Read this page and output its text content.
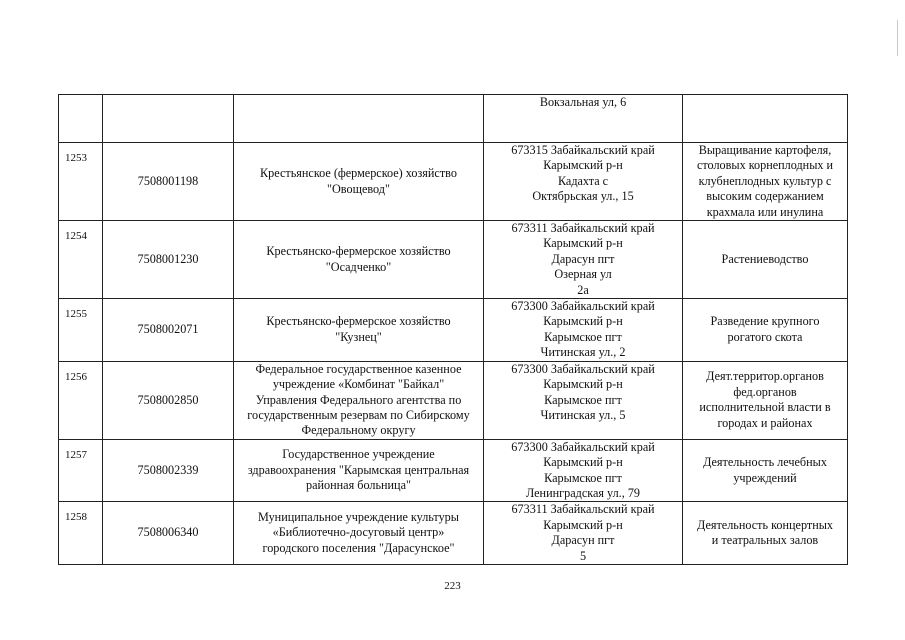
			Вокзальная ул, 6	

1253	7508001198	Крестьянское (фермерское) хозяйство
"Овощевод"	673315 Забайкальский край
Карымский р-н
Кадахта с
Октябрьская ул., 15	Выращивание картофеля,
столовых корнеплодных и
клубнеплодных культур с
высоким содержанием
крахмала или инулина

1254	7508001230	Крестьянско-фермерское хозяйство
"Осадченко"	673311 Забайкальский край
Карымский р-н
Дарасун пгт
Озерная ул
2а	Растениеводство

1255	7508002071	Крестьянско-фермерское хозяйство
"Кузнец"	673300 Забайкальский край
Карымский р-н
Карымское пгт
Читинская ул., 2	Разведение крупного
рогатого скота

1256	7508002850	Федеральное государственное казенное
учреждение «Комбинат "Байкал"
Управления Федерального агентства по
государственным резервам по Сибирскому
Федеральному округу	673300 Забайкальский край
Карымский р-н
Карымское пгт
Читинская ул., 5	Деят.территор.органов
фед.органов
исполнительной власти в
городах и районах

1257	7508002339	Государственное учреждение
здравоохранения "Карымская центральная
районная больница"	673300 Забайкальский край
Карымский р-н
Карымское пгт
Ленинградская ул., 79	Деятельность лечебных
учреждений

1258	7508006340	Муниципальное учреждение культуры
«Библиотечно-досуговый центр»
городского поселения "Дарасунское"	673311 Забайкальский край
Карымский р-н
Дарасун пгт
5	Деятельность концертных
и театральных залов
223
